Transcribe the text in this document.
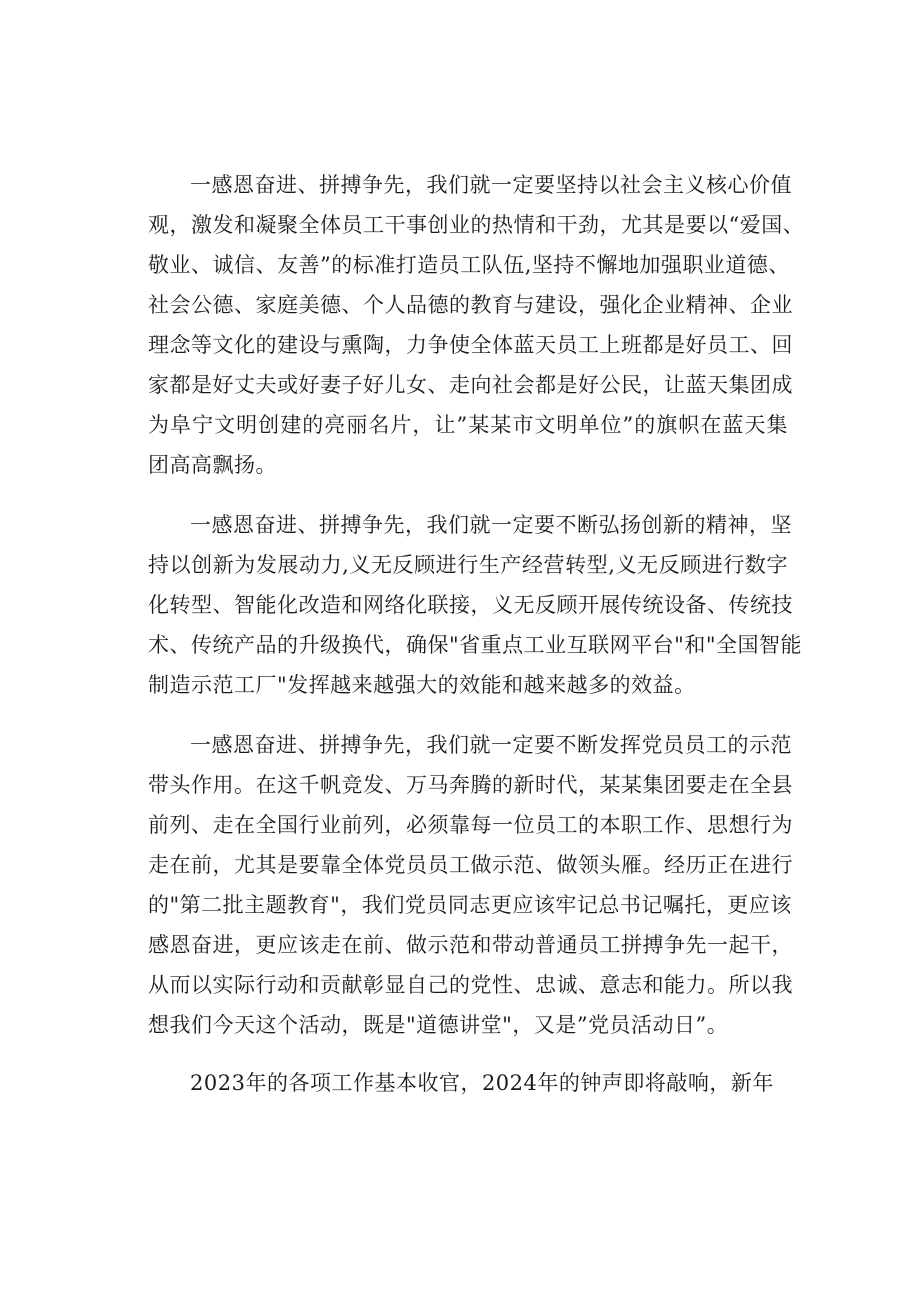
一感恩奋进、拼搏争先，我们就一定要坚持以社会主义核心价值
观，激发和凝聚全体员工干事创业的热情和干劲，尤其是要以“爱国、
敬业、诚信、友善”的标准打造员工队伍,坚持不懈地加强职业道德、
社会公德、家庭美德、个人品德的教育与建设，强化企业精神、企业
理念等文化的建设与熏陶，力争使全体蓝天员工上班都是好员工、回
家都是好丈夫或好妻子好儿女、走向社会都是好公民，让蓝天集团成
为阜宁文明创建的亮丽名片，让”某某市文明单位”的旗帜在蓝天集
团高高飘扬。
一感恩奋进、拼搏争先，我们就一定要不断弘扬创新的精神，坚
持以创新为发展动力,义无反顾进行生产经营转型,义无反顾进行数字
化转型、智能化改造和网络化联接，义无反顾开展传统设备、传统技
术、传统产品的升级换代，确保"省重点工业互联网平台"和"全国智能
制造示范工厂"发挥越来越强大的效能和越来越多的效益。
一感恩奋进、拼搏争先，我们就一定要不断发挥党员员工的示范
带头作用。在这千帆竞发、万马奔腾的新时代，某某集团要走在全县
前列、走在全国行业前列，必须靠每一位员工的本职工作、思想行为
走在前，尤其是要靠全体党员员工做示范、做领头雁。经历正在进行
的"第二批主题教育"，我们党员同志更应该牢记总书记嘱托，更应该
感恩奋进，更应该走在前、做示范和带动普通员工拼搏争先一起干，
从而以实际行动和贡献彰显自己的党性、忠诚、意志和能力。所以我
想我们今天这个活动，既是"道德讲堂"，又是”党员活动日”。
2023年的各项工作基本收官，2024年的钟声即将敲响，新年
